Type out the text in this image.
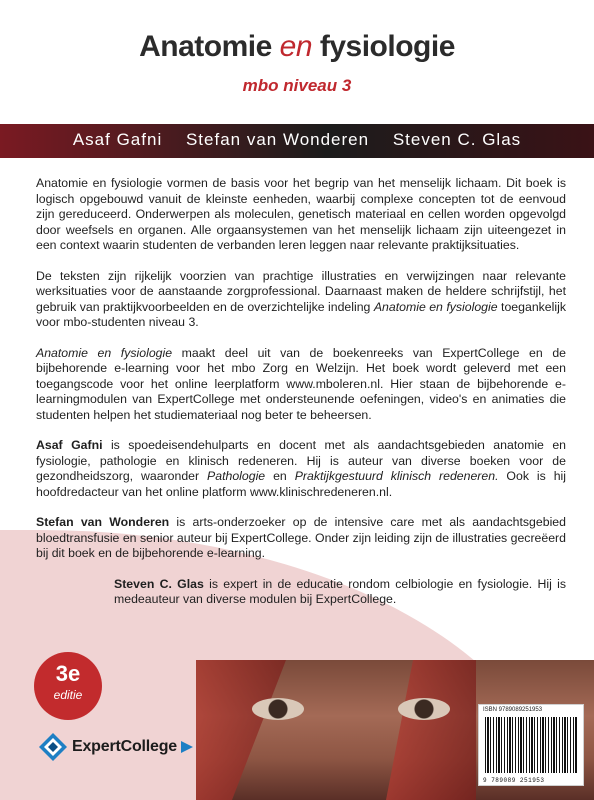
Anatomie en fysiologie
mbo niveau 3
Asaf Gafni Stefan van Wonderen Steven C. Glas

Anatomie en fysiologie vormen de basis voor het begrip van het menselijk lichaam. Dit boek is logisch opgebouwd vanuit de kleinste eenheden, waarbij complexe concepten tot de eenvoud zijn gereduceerd. Onderwerpen als moleculen, genetisch materiaal en cellen worden opgevolgd door weefsels en organen. Alle orgaansystemen van het menselijk lichaam zijn uiteengezet in een context waarin studenten de verbanden leren leggen naar relevante praktijksituaties.

De teksten zijn rijkelijk voorzien van prachtige illustraties en verwijzingen naar relevante werksituaties voor de aanstaande zorgprofessional. Daarnaast maken de heldere schrijfstijl, het gebruik van praktijkvoorbeelden en de overzichtelijke indeling Anatomie en fysiologie toegankelijk voor mbo-studenten niveau 3.

Anatomie en fysiologie maakt deel uit van de boekenreeks van ExpertCollege en de bijbehorende e-learning voor het mbo Zorg en Welzijn. Het boek wordt geleverd met een toegangscode voor het online leerplatform www.mboleren.nl. Hier staan de bijbehorende e-learningmodulen van ExpertCollege met ondersteunende oefeningen, video's en animaties die studenten helpen het studiemateriaal nog beter te beheersen.

Asaf Gafni is spoedeisendehulparts en docent met als aandachtsgebieden anatomie en fysiologie, pathologie en klinisch redeneren. Hij is auteur van diverse boeken voor de gezondheidszorg, waaronder Pathologie en Praktijkgestuurd klinisch redeneren. Ook is hij hoofdredacteur van het online platform www.klinischredeneren.nl.

Stefan van Wonderen is arts-onderzoeker op de intensive care met als aandachtsgebied bloedtransfusie en senior auteur bij ExpertCollege. Onder zijn leiding zijn de illustraties gecreëerd bij dit boek en de bijbehorende e-learning.

Steven C. Glas is expert in de educatie rondom celbiologie en fysiologie. Hij is medeauteur van diverse modulen bij ExpertCollege.

ISBN 978908925195​3
9 789089 251953
3e
editie
ExpertCollege
